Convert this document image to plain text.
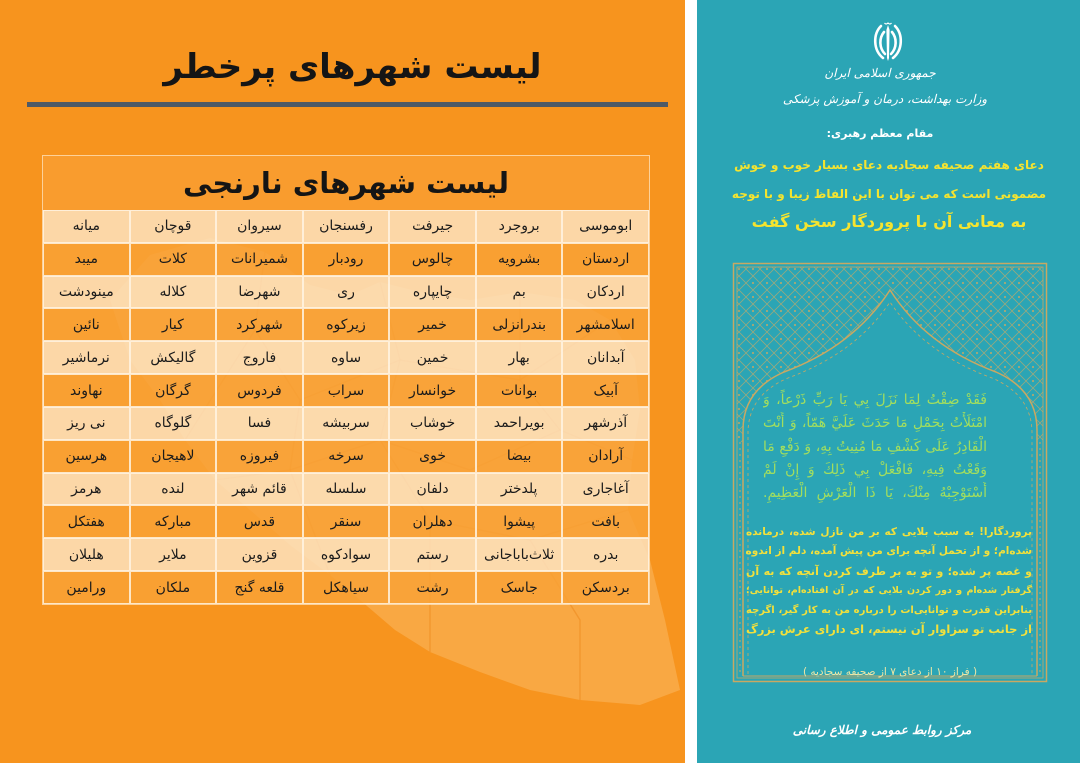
لیست شهرهای پرخطر
لیست شهرهای نارنجی
ابوموسی
بروجرد
جیرفت
رفسنجان
سیروان
قوچان
میانه
اردستان
بشرویه
چالوس
رودبار
شمیرانات
کلات
میبد
اردکان
بم
چایپاره
ری
شهرضا
کلاله
مینودشت
اسلامشهر
بندرانزلی
خمیر
زیرکوه
شهرکرد
کیار
نائین
آبدانان
بهار
خمین
ساوه
فاروج
گالیکش
نرماشیر
آبیک
بوانات
خوانسار
سراب
فردوس
گرگان
نهاوند
آذرشهر
بویراحمد
خوشاب
سربیشه
فسا
گلوگاه
نی ریز
آرادان
بیضا
خوی
سرخه
فیروزه
لاهیجان
هرسین
آغاجاری
پلدختر
دلفان
سلسله
قائم شهر
لنده
هرمز
بافت
پیشوا
دهلران
سنقر
قدس
مبارکه
هفتکل
بدره
ثلاث‌باباجانی
رستم
سوادکوه
قزوین
ملایر
هلیلان
بردسکن
جاسک
رشت
سیاهکل
قلعه گنج
ملکان
ورامین
جمهوری اسلامی ایران
وزارت بهداشت، درمان و آموزش پزشکی
مقام معظم رهبری:
دعای هفتم صحیفه سجادیه دعای بسیار خوب و خوش
مضمونی است که می توان با این الفاظ زیبا و با توجه
به معانی آن با پروردگار سخن گفت
فَقَدْ ضِقْتُ لِمَا نَزَلَ بِي يَا رَبِّ ذَرْعاً، وَ
امْتَلَأْتُ بِحَمْلِ مَا حَدَثَ عَلَيَّ هَمّاً، وَ أَنْتَ
الْقَادِرُ عَلَى كَشْفِ مَا مُنِيتُ بِهِ، وَ دَفْعِ مَا
وَقَعْتُ فِيهِ، فَافْعَلْ بِي ذَلِكَ وَ إِنْ لَمْ
أَسْتَوْجِبْهُ مِنْكَ، يَا ذَا الْعَرْشِ الْعَظِيمِ.
پروردگارا! به سبب بلایی که بر من نازل شده، درمانده
شده‌ام؛ و از تحمل آنچه برای من پیش آمده، دلم از اندوه
و غصه پر شده؛ و تو به بر طرف کردن آنچه که به آن
گرفتار شده‌ام و دور کردن بلایی که در آن افتاده‌ام، توانایی؛
بنابراین قدرت و توانایی‌ات را درباره من به کار گیر، اگرچه
از جانب تو سزاوار آن نیستم، ای دارای عرش بزرگ
( فراز ۱۰ از دعای ۷ از صحیفه سجادیه )
مرکز روابط عمومی و اطلاع رسانی
